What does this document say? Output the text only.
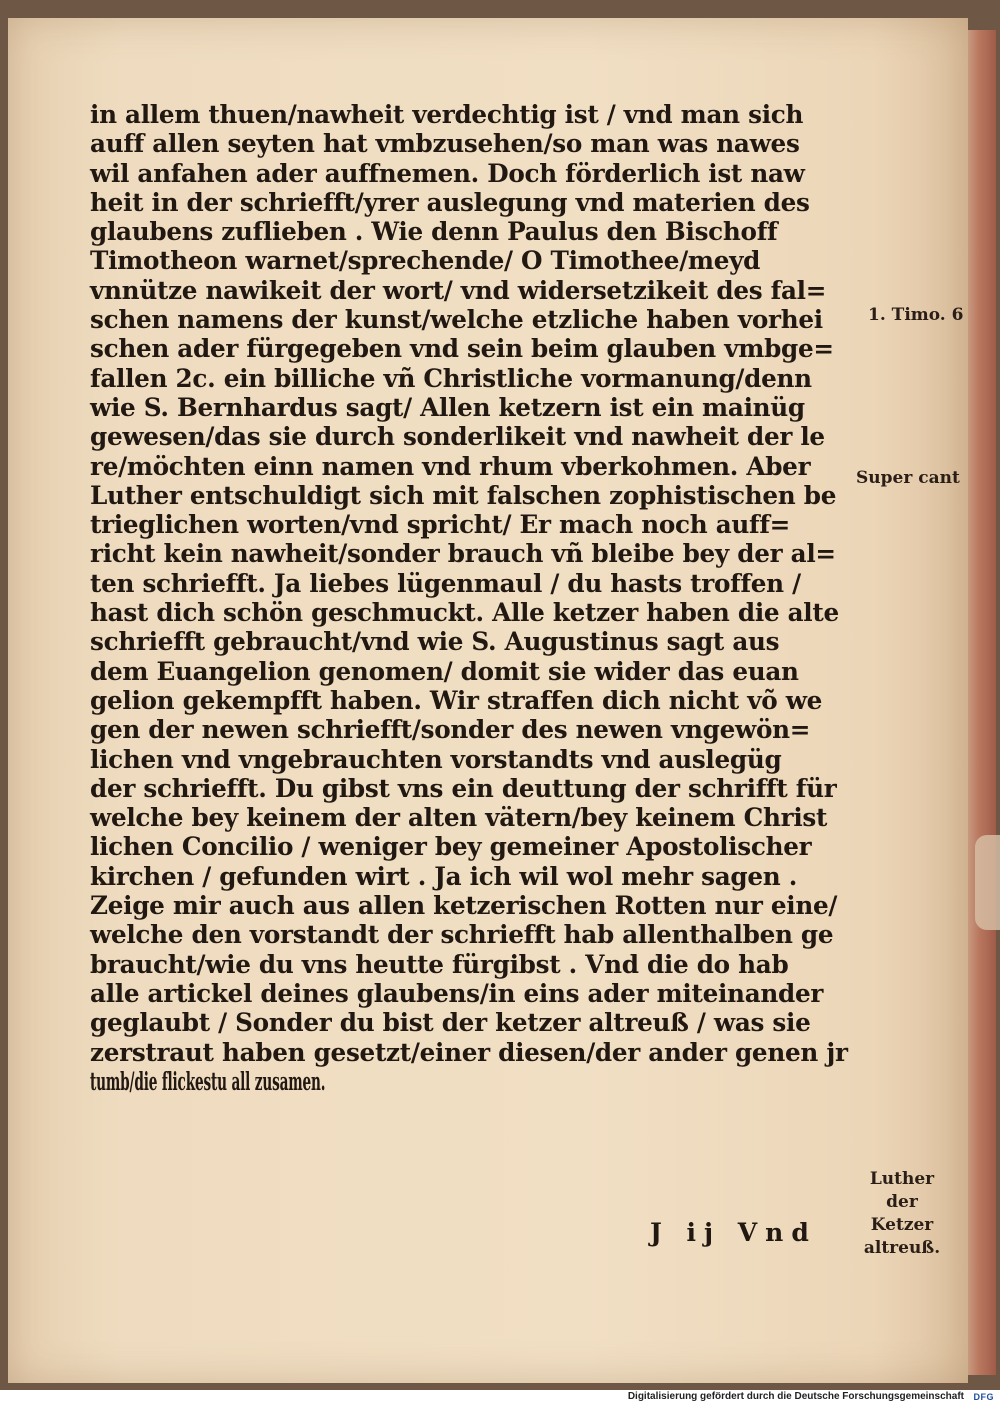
in allem thuen/nawheit verdechtig ist / vnd man sich
auff allen seyten hat vmbzusehen/so man was nawes
wil anfahen ader auffnemen. Doch förderlich ist naw
heit in der schriefft/yrer auslegung vnd materien des
glaubens zuflieben . Wie denn Paulus den Bischoff
Timotheon warnet/sprechende/ O Timothee/meyd
vnnütze nawikeit der wort/ vnd widersetzikeit des fal=
schen namens der kunst/welche etzliche haben vorhei
schen ader fürgegeben vnd sein beim glauben vmbge=
fallen 2c. ein billiche vñ Christliche vormanung/denn
wie S. Bernhardus sagt/ Allen ketzern ist ein mainüg
gewesen/das sie durch sonderlikeit vnd nawheit der le
re/möchten einn namen vnd rhum vberkohmen. Aber
Luther entschuldigt sich mit falschen zophistischen be
trieglichen worten/vnd spricht/ Er mach noch auff=
richt kein nawheit/sonder brauch vñ bleibe bey der al=
ten schriefft. Ja liebes lügenmaul / du hasts troffen /
hast dich schön geschmuckt. Alle ketzer haben die alte
schriefft gebraucht/vnd wie S. Augustinus sagt aus
dem Euangelion genomen/ domit sie wider das euan
gelion gekempfft haben. Wir straffen dich nicht võ we
gen der newen schriefft/sonder des newen vngewön=
lichen vnd vngebrauchten vorstandts vnd auslegüg
der schriefft. Du gibst vns ein deuttung der schrifft für
welche bey keinem der alten vätern/bey keinem Christ
lichen Concilio / weniger bey gemeiner Apostolischer
kirchen / gefunden wirt . Ja ich wil wol mehr sagen .
Zeige mir auch aus allen ketzerischen Rotten nur eine/
welche den vorstandt der schriefft hab allenthalben ge
braucht/wie du vns heutte fürgibst . Vnd die do hab
alle artickel deines glaubens/in eins ader miteinander
geglaubt / Sonder du bist der ketzer altreuß / was sie
zerstraut haben gesetzt/einer diesen/der ander genen jr
tumb/die flickestu all zusamen.
J ij Vnd
1. Timo. 6
Super cant
Luther
der Ketzer
altreuß.
Digitalisierung gefördert durch die Deutsche Forschungsgemeinschaft DFG
